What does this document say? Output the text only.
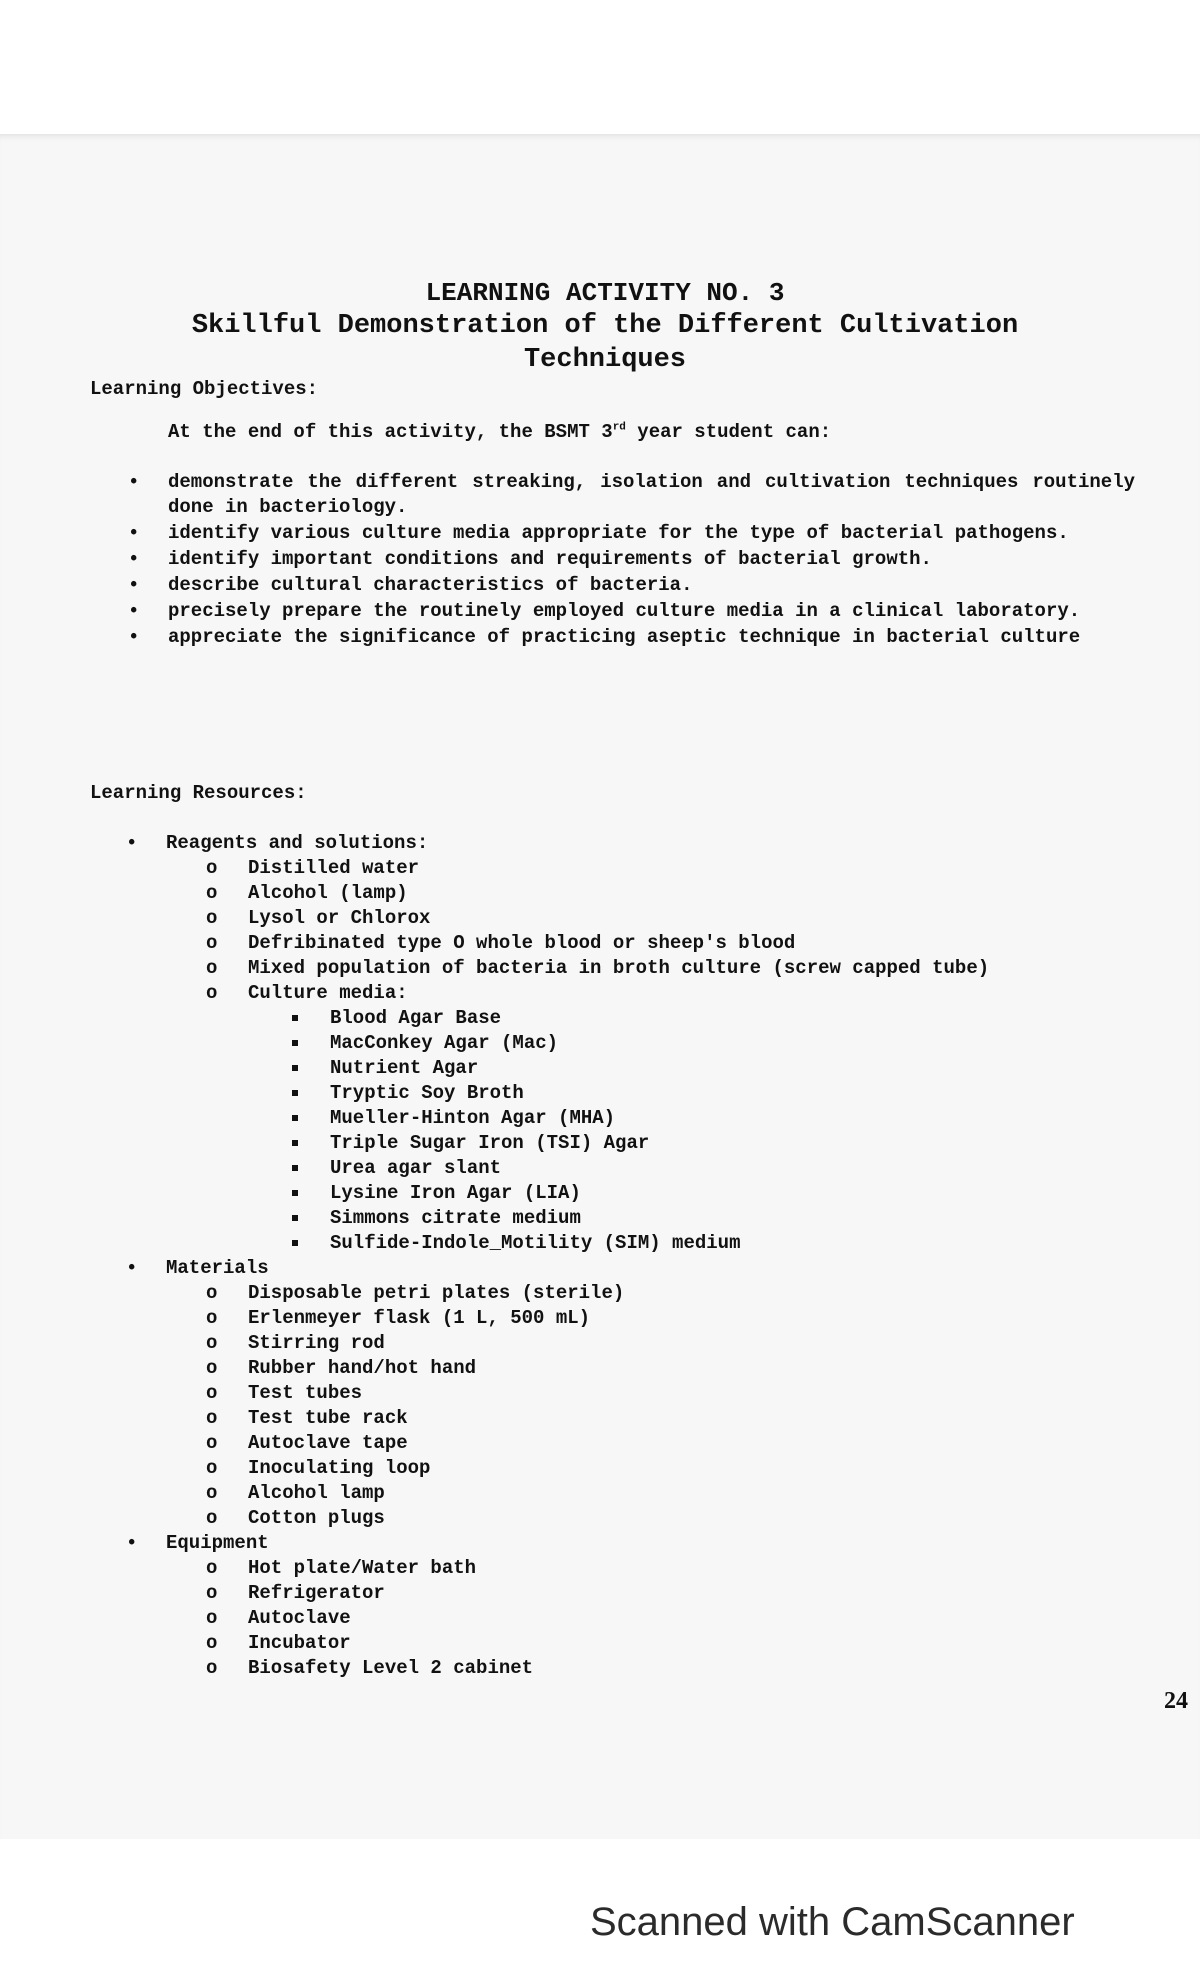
LEARNING ACTIVITY NO. 3
Skillful Demonstration of the Different Cultivation
Techniques
Learning Objectives:
At the end of this activity, the BSMT 3rd year student can:
• demonstrate the different streaking, isolation and cultivation techniques routinely done in bacteriology.
• identify various culture media appropriate for the type of bacterial pathogens.
• identify important conditions and requirements of bacterial growth.
• describe cultural characteristics of bacteria.
• precisely prepare the routinely employed culture media in a clinical laboratory.
• appreciate the significance of practicing aseptic technique in bacterial culture
Learning Resources:
• Reagents and solutions:
o Distilled water
o Alcohol (lamp)
o Lysol or Chlorox
o Defribinated type O whole blood or sheep's blood
o Mixed population of bacteria in broth culture (screw capped tube)
o Culture media:
Blood Agar Base
MacConkey Agar (Mac)
Nutrient Agar
Tryptic Soy Broth
Mueller-Hinton Agar (MHA)
Triple Sugar Iron (TSI) Agar
Urea agar slant
Lysine Iron Agar (LIA)
Simmons citrate medium
Sulfide-Indole_Motility (SIM) medium
• Materials
o Disposable petri plates (sterile)
o Erlenmeyer flask (1 L, 500 mL)
o Stirring rod
o Rubber hand/hot hand
o Test tubes
o Test tube rack
o Autoclave tape
o Inoculating loop
o Alcohol lamp
o Cotton plugs
• Equipment
o Hot plate/Water bath
o Refrigerator
o Autoclave
o Incubator
o Biosafety Level 2 cabinet
24
Scanned with CamScanner
